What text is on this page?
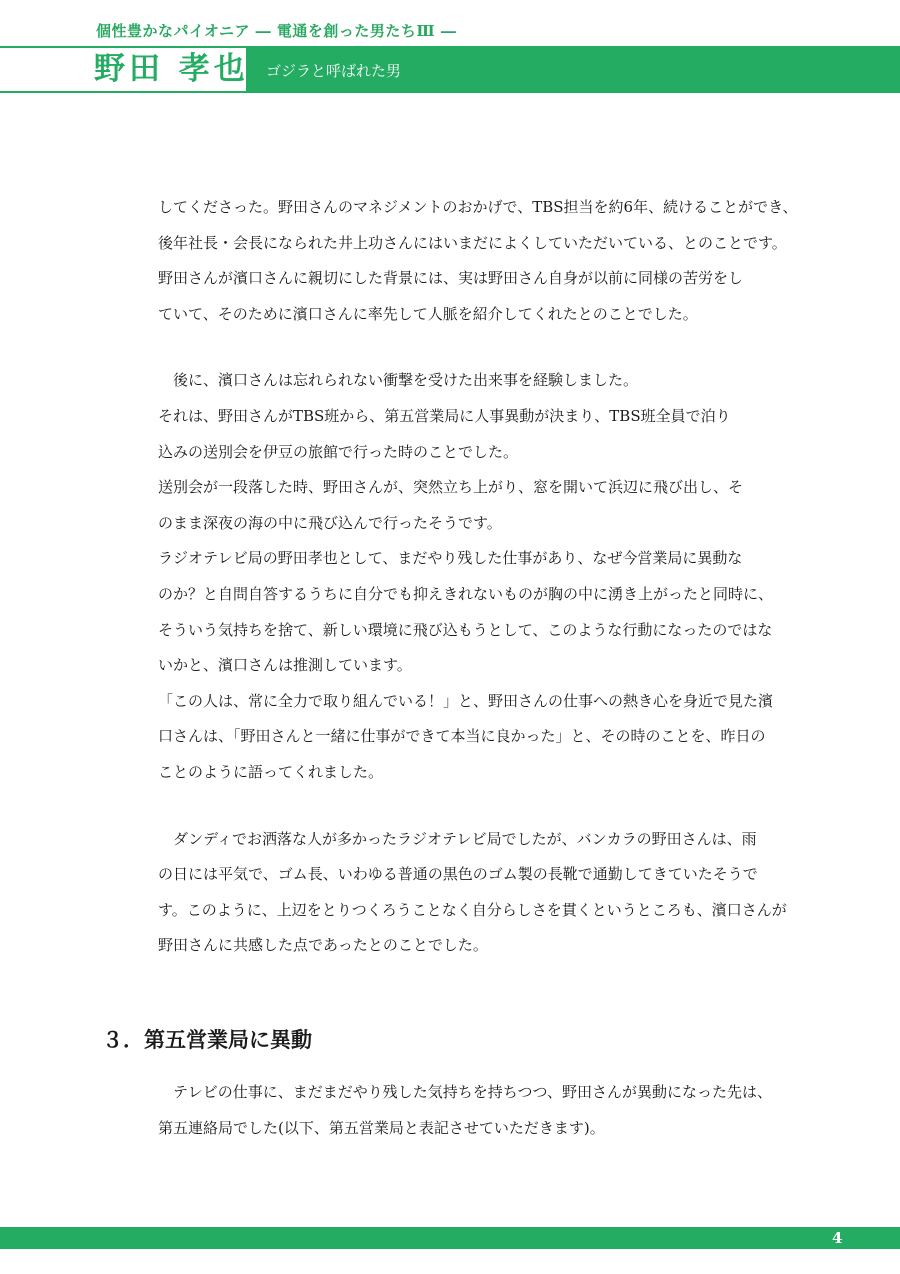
個性豊かなパイオニア ― 電通を創った男たちⅢ ―
野田 孝也 ゴジラと呼ばれた男

してくださった。野田さんのマネジメントのおかげで、TBS担当を約6年、続けることができ、

後年社長・会長になられた井上功さんにはいまだによくしていただいている、とのことです。

野田さんが濱口さんに親切にした背景には、実は野田さん自身が以前に同様の苦労をし

ていて、そのために濱口さんに率先して人脈を紹介してくれたとのことでした。

　後に、濱口さんは忘れられない衝撃を受けた出来事を経験しました。

それは、野田さんがTBS班から、第五営業局に人事異動が決まり、TBS班全員で泊り

込みの送別会を伊豆の旅館で行った時のことでした。

送別会が一段落した時、野田さんが、突然立ち上がり、窓を開いて浜辺に飛び出し、そ

のまま深夜の海の中に飛び込んで行ったそうです。

ラジオテレビ局の野田孝也として、まだやり残した仕事があり、なぜ今営業局に異動な

のか？と自問自答するうちに自分でも抑えきれないものが胸の中に湧き上がったと同時に、

そういう気持ちを捨て、新しい環境に飛び込もうとして、このような行動になったのではな

いかと、濱口さんは推測しています。

「この人は、常に全力で取り組んでいる！」と、野田さんの仕事への熱き心を身近で見た濱

口さんは、「野田さんと一緒に仕事ができて本当に良かった」と、その時のことを、昨日の

ことのように語ってくれました。

　ダンディでお洒落な人が多かったラジオテレビ局でしたが、バンカラの野田さんは、雨

の日には平気で、ゴム長、いわゆる普通の黒色のゴム製の長靴で通勤してきていたそうで

す。このように、上辺をとりつくろうことなく自分らしさを貫くというところも、濱口さんが

野田さんに共感した点であったとのことでした。

３．第五営業局に異動

　テレビの仕事に、まだまだやり残した気持ちを持ちつつ、野田さんが異動になった先は、

第五連絡局でした(以下、第五営業局と表記させていただきます)。

4
